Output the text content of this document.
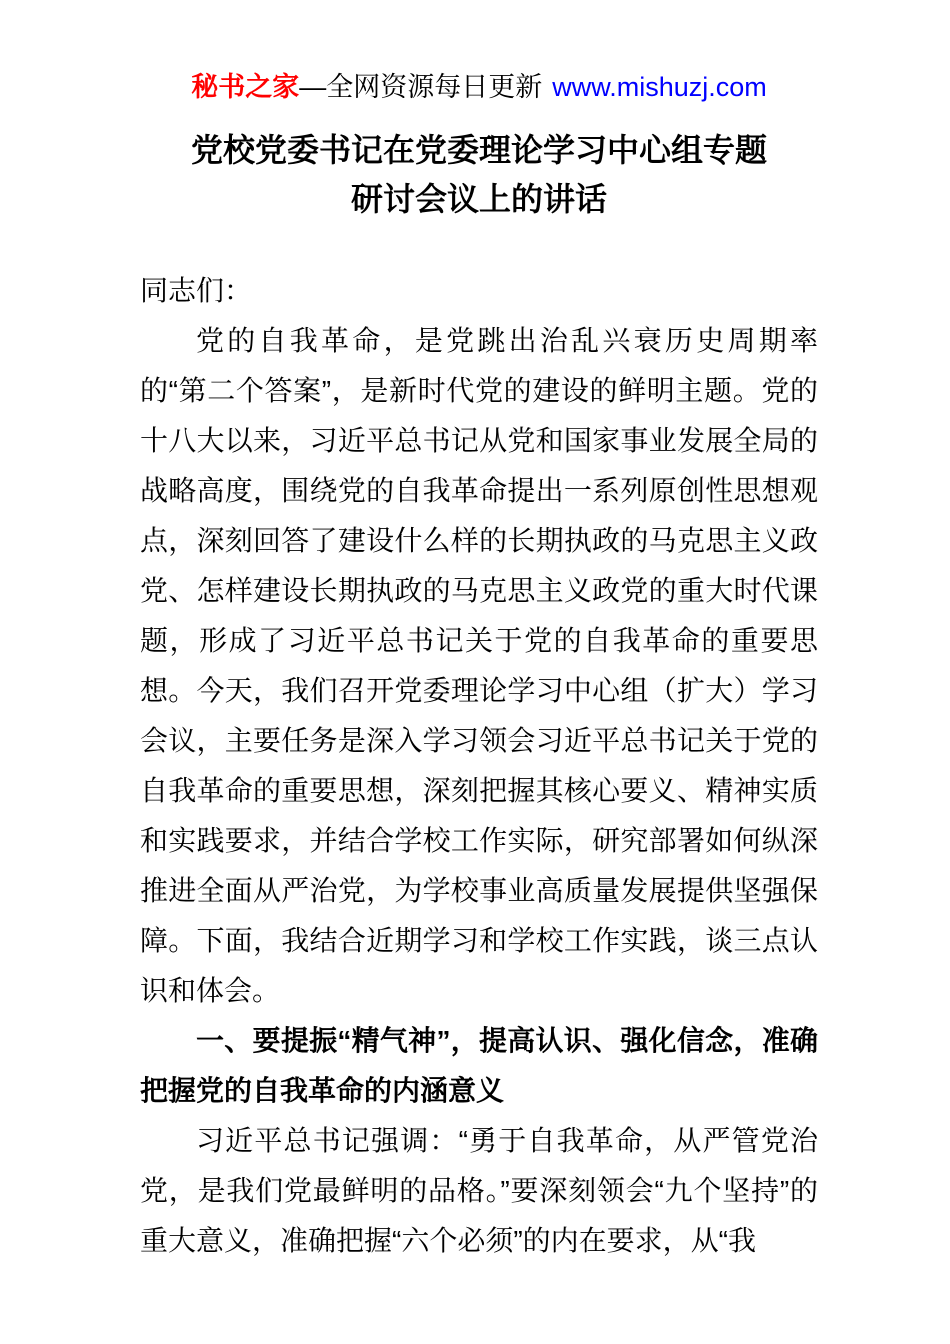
秘书之家—全网资源每日更新 www.mishuzj.com
党校党委书记在党委理论学习中心组专题
研讨会议上的讲话

同志们：

党的自我革命，是党跳出治乱兴衰历史周期率的“第二个答案”，是新时代党的建设的鲜明主题。党的十八大以来，习近平总书记从党和国家事业发展全局的战略高度，围绕党的自我革命提出一系列原创性思想观点，深刻回答了建设什么样的长期执政的马克思主义政党、怎样建设长期执政的马克思主义政党的重大时代课题，形成了习近平总书记关于党的自我革命的重要思想。今天，我们召开党委理论学习中心组（扩大）学习会议，主要任务是深入学习领会习近平总书记关于党的自我革命的重要思想，深刻把握其核心要义、精神实质和实践要求，并结合学校工作实际，研究部署如何纵深推进全面从严治党，为学校事业高质量发展提供坚强保障。下面，我结合近期学习和学校工作实践，谈三点认识和体会。

一、要提振“精气神”，提高认识、强化信念，准确把握党的自我革命的内涵意义

习近平总书记强调：“勇于自我革命，从严管党治党，是我们党最鲜明的品格。”要深刻领会“九个坚持”的重大意义，准确把握“六个必须”的内在要求，从“我
